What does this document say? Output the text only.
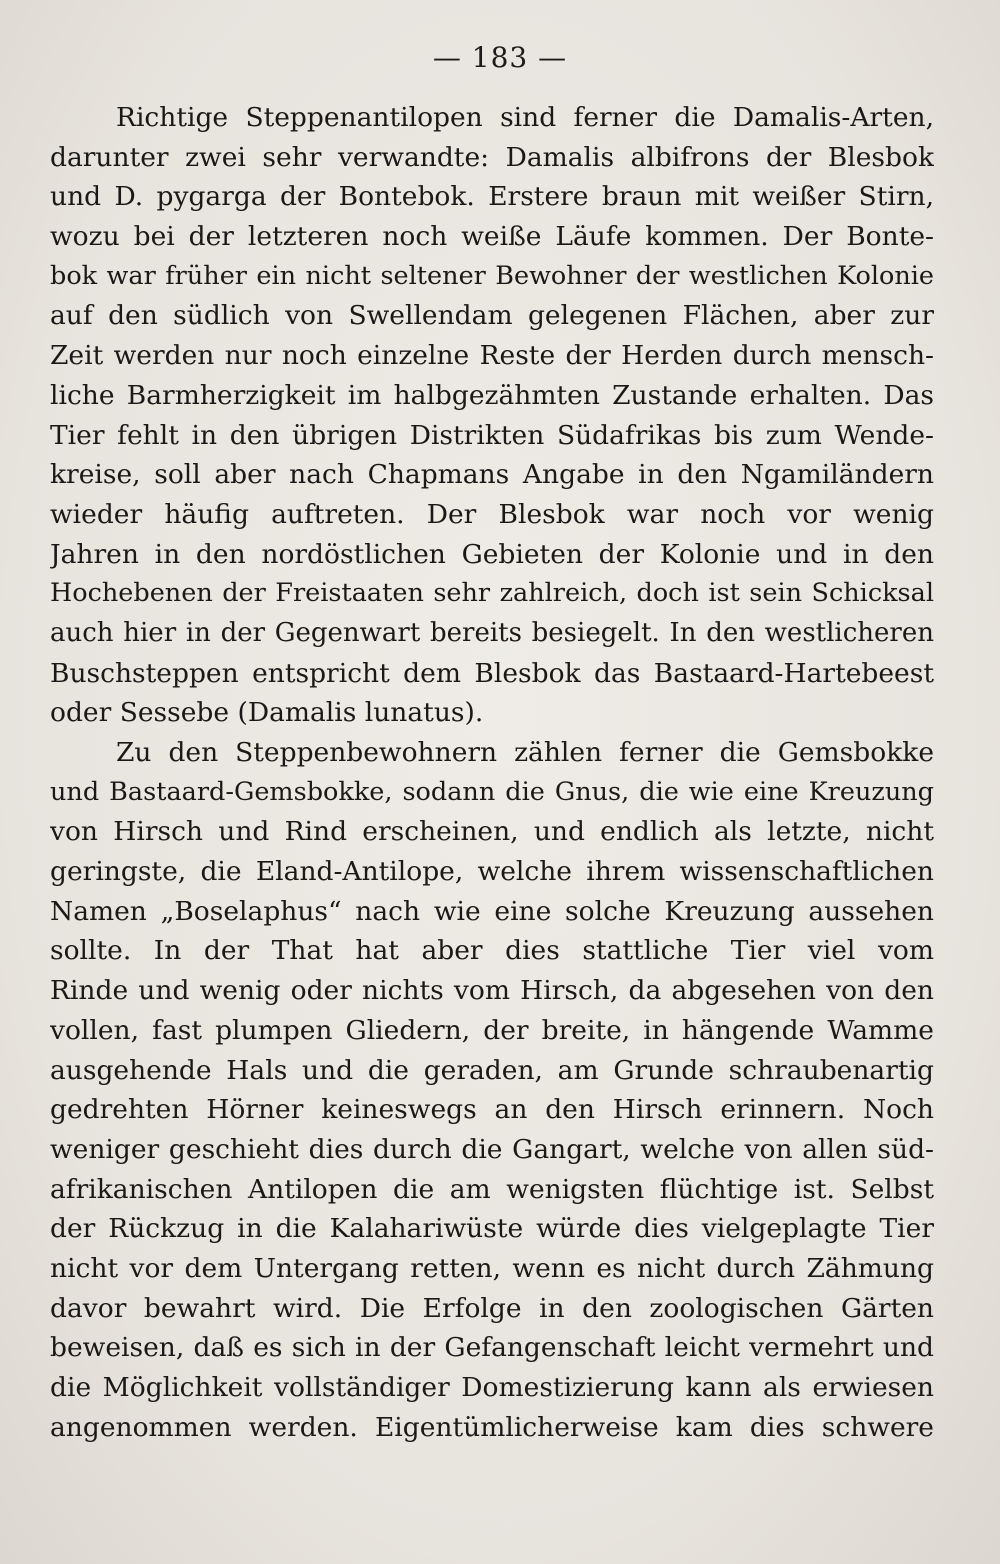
— 183 —
Richtige Steppenantilopen sind ferner die Damalis-Arten,
darunter zwei sehr verwandte: Damalis albifrons der Blesbok
und D. pygarga der Bontebok. Erstere braun mit weißer Stirn,
wozu bei der letzteren noch weiße Läufe kommen. Der Bonte-
bok war früher ein nicht seltener Bewohner der westlichen Kolonie
auf den südlich von Swellendam gelegenen Flächen, aber zur
Zeit werden nur noch einzelne Reste der Herden durch mensch-
liche Barmherzigkeit im halbgezähmten Zustande erhalten. Das
Tier fehlt in den übrigen Distrikten Südafrikas bis zum Wende-
kreise, soll aber nach Chapmans Angabe in den Ngamiländern
wieder häufig auftreten. Der Blesbok war noch vor wenig
Jahren in den nordöstlichen Gebieten der Kolonie und in den
Hochebenen der Freistaaten sehr zahlreich, doch ist sein Schicksal
auch hier in der Gegenwart bereits besiegelt. In den westlicheren
Buschsteppen entspricht dem Blesbok das Bastaard-Hartebeest
oder Sessebe (Damalis lunatus).
Zu den Steppenbewohnern zählen ferner die Gemsbokke
und Bastaard-Gemsbokke, sodann die Gnus, die wie eine Kreuzung
von Hirsch und Rind erscheinen, und endlich als letzte, nicht
geringste, die Eland-Antilope, welche ihrem wissenschaftlichen
Namen „Boselaphus“ nach wie eine solche Kreuzung aussehen
sollte. In der That hat aber dies stattliche Tier viel vom
Rinde und wenig oder nichts vom Hirsch, da abgesehen von den
vollen, fast plumpen Gliedern, der breite, in hängende Wamme
ausgehende Hals und die geraden, am Grunde schraubenartig
gedrehten Hörner keineswegs an den Hirsch erinnern. Noch
weniger geschieht dies durch die Gangart, welche von allen süd-
afrikanischen Antilopen die am wenigsten flüchtige ist. Selbst
der Rückzug in die Kalahariwüste würde dies vielgeplagte Tier
nicht vor dem Untergang retten, wenn es nicht durch Zähmung
davor bewahrt wird. Die Erfolge in den zoologischen Gärten
beweisen, daß es sich in der Gefangenschaft leicht vermehrt und
die Möglichkeit vollständiger Domestizierung kann als erwiesen
angenommen werden. Eigentümlicherweise kam dies schwere
